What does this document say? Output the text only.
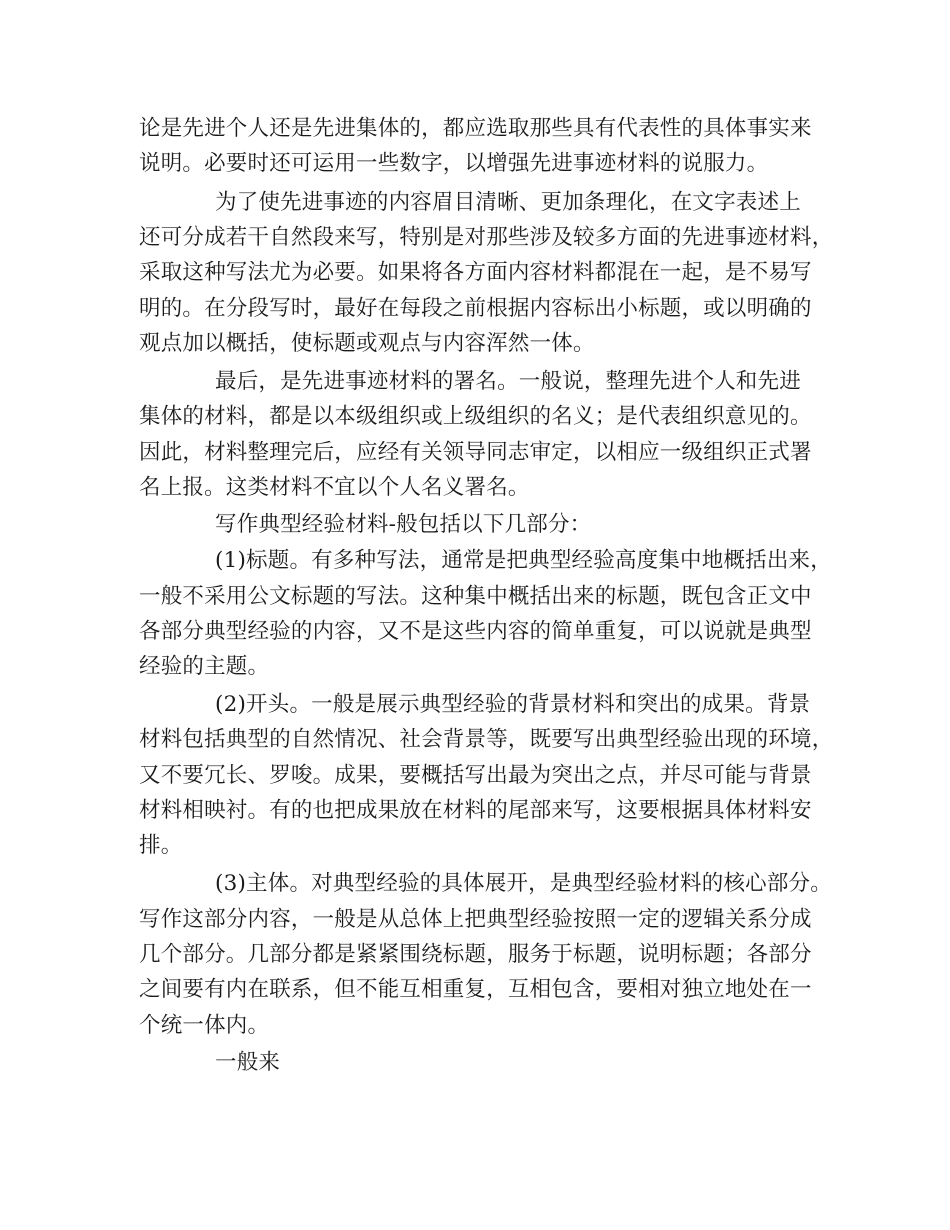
论是先进个人还是先进集体的，都应选取那些具有代表性的具体事实来
说明。必要时还可运用一些数字，以增强先进事迹材料的说服力。
为了使先进事迹的内容眉目清晰、更加条理化，在文字表述上
还可分成若干自然段来写，特别是对那些涉及较多方面的先进事迹材料，
采取这种写法尤为必要。如果将各方面内容材料都混在一起，是不易写
明的。在分段写时，最好在每段之前根据内容标出小标题，或以明确的
观点加以概括，使标题或观点与内容浑然一体。
最后，是先进事迹材料的署名。一般说，整理先进个人和先进
集体的材料，都是以本级组织或上级组织的名义；是代表组织意见的。
因此，材料整理完后，应经有关领导同志审定，以相应一级组织正式署
名上报。这类材料不宜以个人名义署名。
写作典型经验材料-般包括以下几部分：
(1)标题。有多种写法，通常是把典型经验高度集中地概括出来，
一般不采用公文标题的写法。这种集中概括出来的标题，既包含正文中
各部分典型经验的内容，又不是这些内容的简单重复，可以说就是典型
经验的主题。
(2)开头。一般是展示典型经验的背景材料和突出的成果。背景
材料包括典型的自然情况、社会背景等，既要写出典型经验出现的环境，
又不要冗长、罗唆。成果，要概括写出最为突出之点，并尽可能与背景
材料相映衬。有的也把成果放在材料的尾部来写，这要根据具体材料安
排。
(3)主体。对典型经验的具体展开，是典型经验材料的核心部分。
写作这部分内容，一般是从总体上把典型经验按照一定的逻辑关系分成
几个部分。几部分都是紧紧围绕标题，服务于标题，说明标题；各部分
之间要有内在联系，但不能互相重复，互相包含，要相对独立地处在一
个统一体内。
一般来
